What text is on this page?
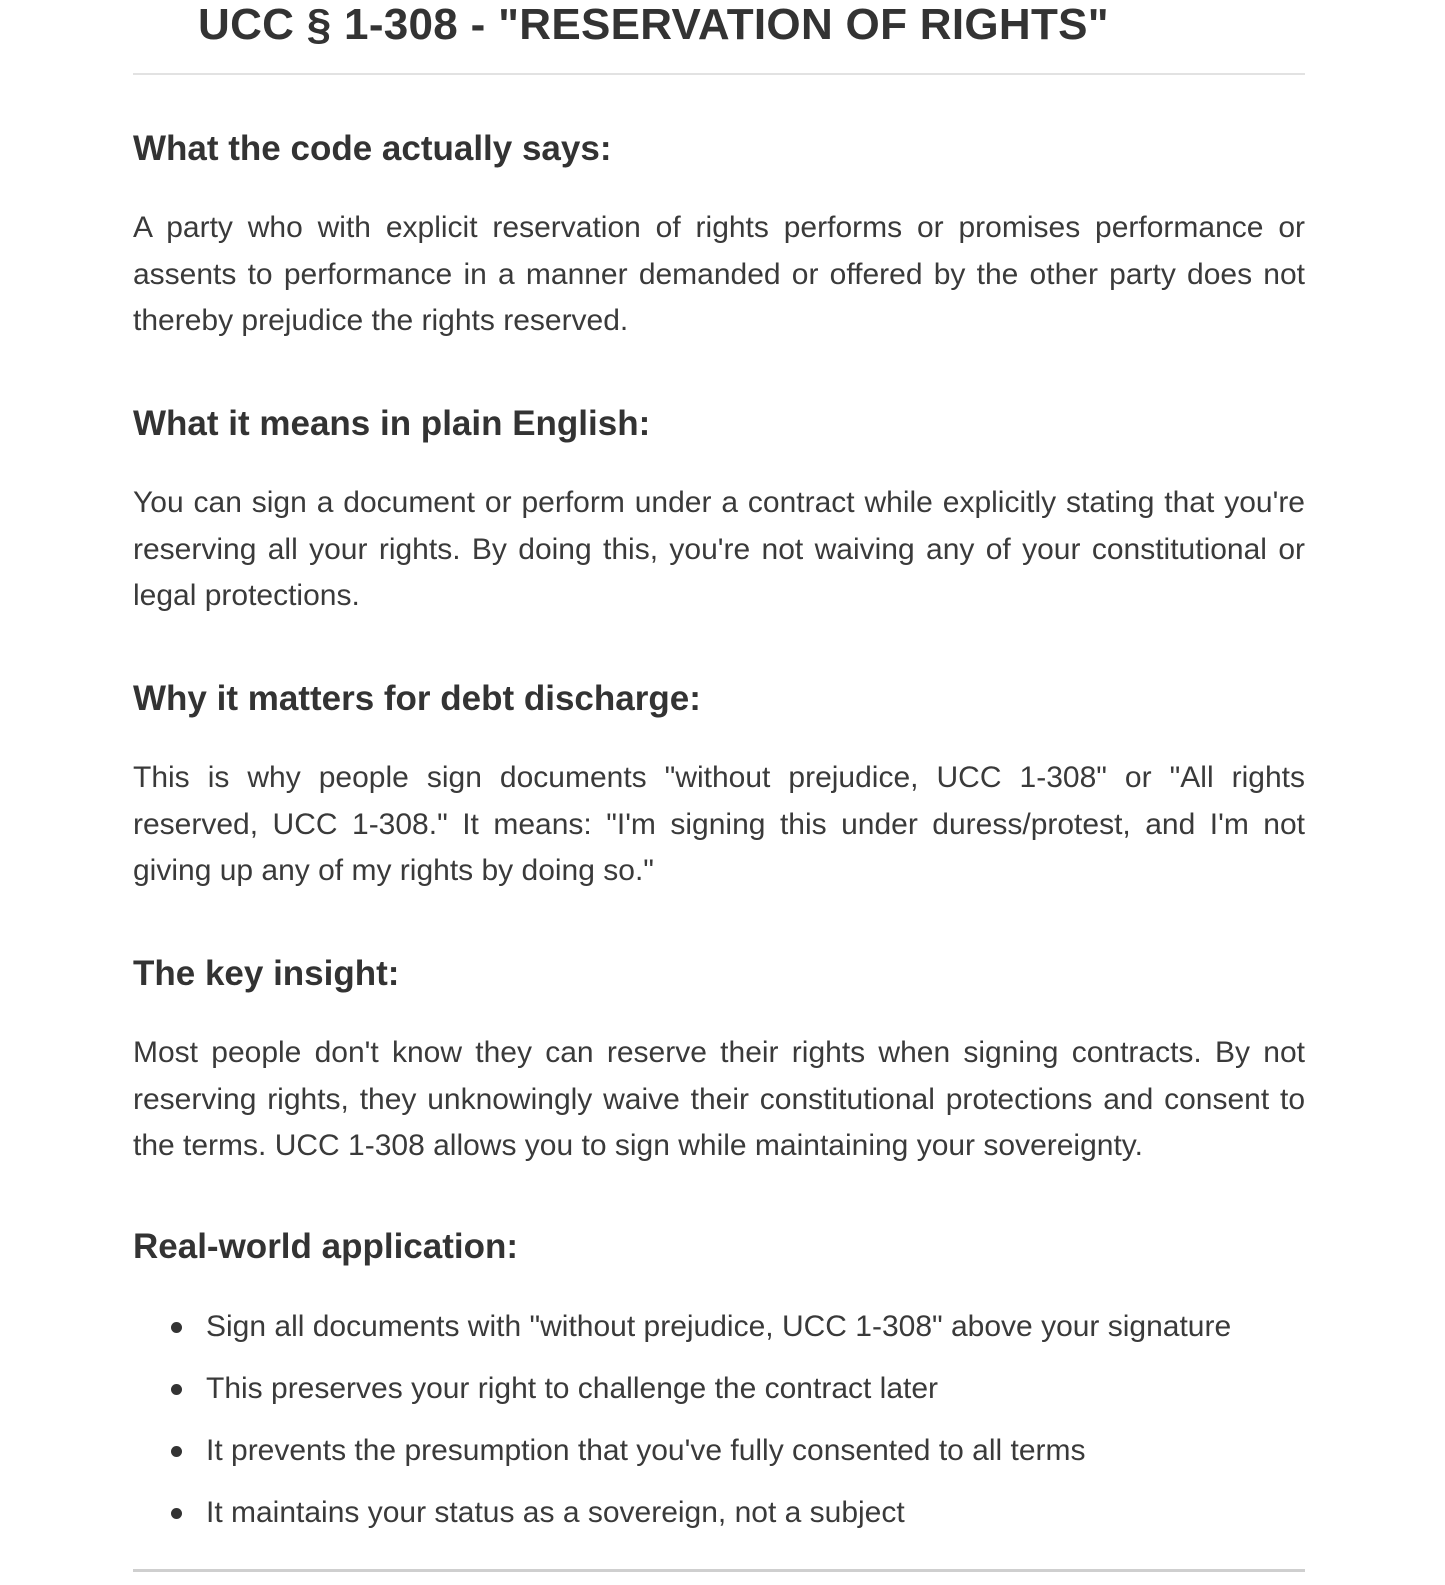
UCC § 1-308 - "RESERVATION OF RIGHTS"
What the code actually says:

A party who with explicit reservation of rights performs or promises performance or assents to performance in a manner demanded or offered by the other party does not thereby prejudice the rights reserved.

What it means in plain English:

You can sign a document or perform under a contract while explicitly stating that you're reserving all your rights. By doing this, you're not waiving any of your constitutional or legal protections.

Why it matters for debt discharge:

This is why people sign documents "without prejudice, UCC 1-308" or "All rights reserved, UCC 1-308." It means: "I'm signing this under duress/protest, and I'm not giving up any of my rights by doing so."

The key insight:

Most people don't know they can reserve their rights when signing contracts. By not reserving rights, they unknowingly waive their constitutional protections and consent to the terms. UCC 1-308 allows you to sign while maintaining your sovereignty.

Real-world application:
Sign all documents with "without prejudice, UCC 1-308" above your signature
This preserves your right to challenge the contract later
It prevents the presumption that you've fully consented to all terms
It maintains your status as a sovereign, not a subject
